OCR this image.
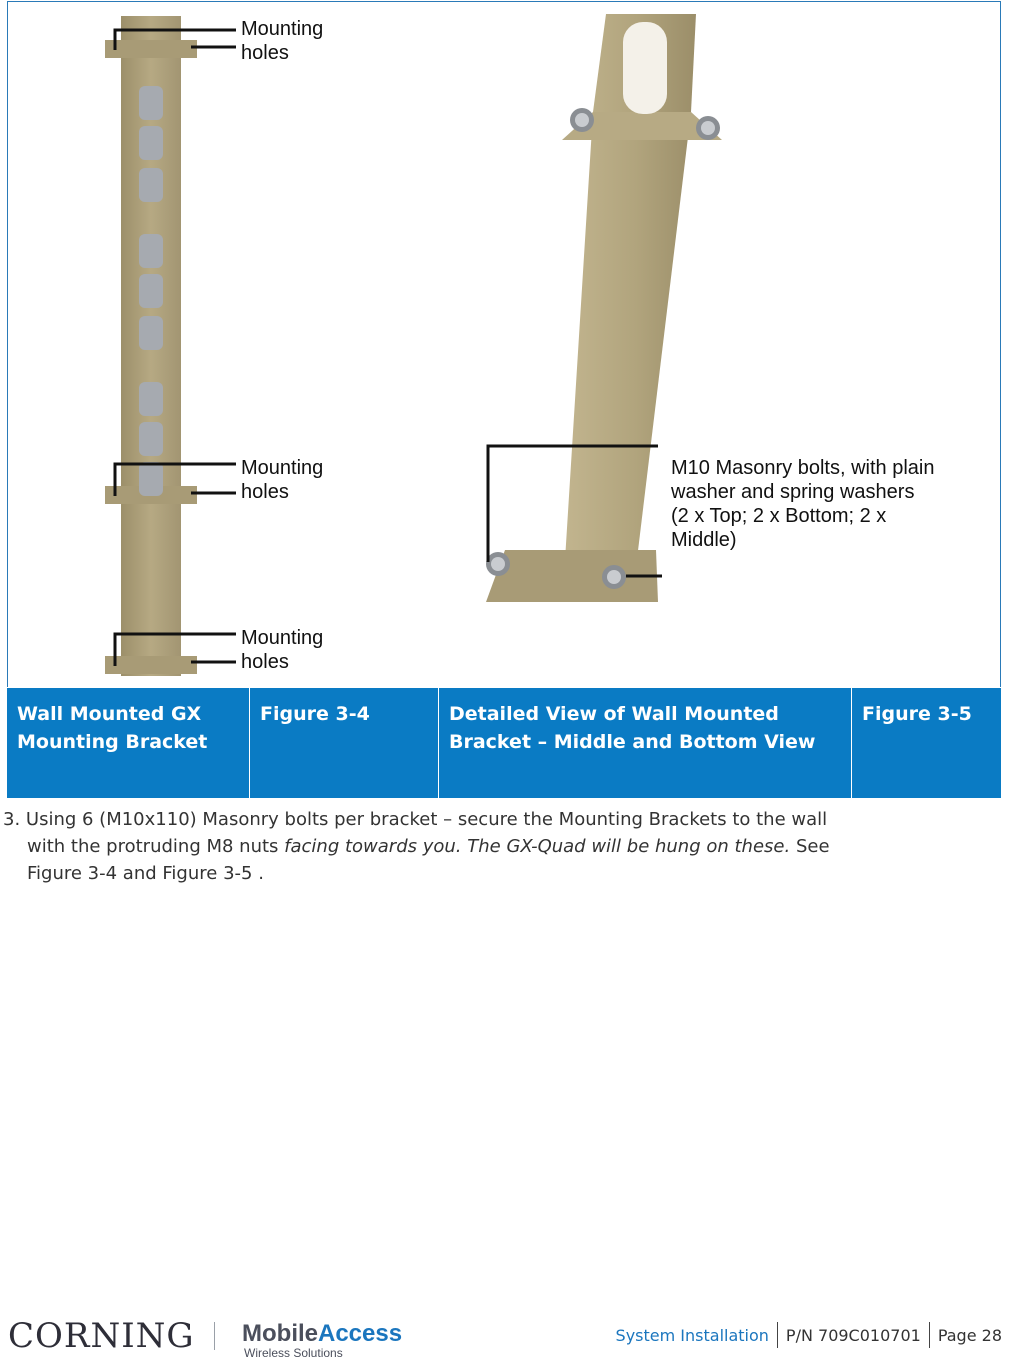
Mounting
holes
Mounting
holes
Mounting
holes
M10 Masonry bolts, with plain
washer and spring washers
(2 x Top; 2 x Bottom; 2 x
Middle)
Wall Mounted GX Mounting Bracket	Figure 3-4	Detailed View of Wall Mounted Bracket – Middle and Bottom View	Figure 3-5
3. Using 6 (M10x110) Masonry bolts per bracket – secure the Mounting Brackets to the wall
with the protruding M8 nuts facing towards you. The GX-Quad will be hung on these. See
Figure 3-4 and Figure 3-5 .
CORNING MobileAccess
Wireless Solutions
System Installation	P/N 709C010701	Page 28
